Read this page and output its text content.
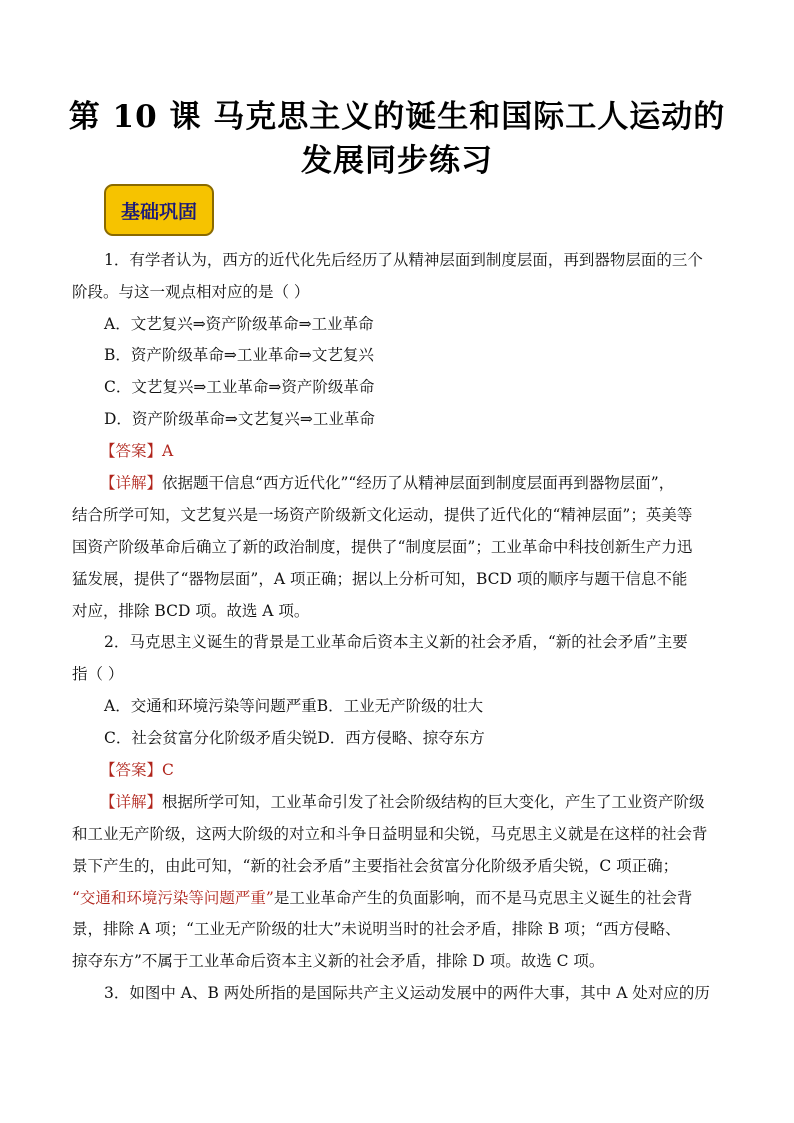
第 10 课 马克思主义的诞生和国际工人运动的
发展同步练习
基础巩固
1．有学者认为，西方的近代化先后经历了从精神层面到制度层面，再到器物层面的三个
阶段。与这一观点相对应的是（ ）
A．文艺复兴⇒资产阶级革命⇒工业革命
B．资产阶级革命⇒工业革命⇒文艺复兴
C．文艺复兴⇒工业革命⇒资产阶级革命
D．资产阶级革命⇒文艺复兴⇒工业革命
【答案】A
【详解】依据题干信息“西方近代化”“经历了从精神层面到制度层面再到器物层面”，
结合所学可知，文艺复兴是一场资产阶级新文化运动，提供了近代化的“精神层面”；英美等
国资产阶级革命后确立了新的政治制度，提供了“制度层面”；工业革命中科技创新生产力迅
猛发展，提供了“器物层面”，A 项正确；据以上分析可知，BCD 项的顺序与题干信息不能
对应，排除 BCD 项。故选 A 项。
2．马克思主义诞生的背景是工业革命后资本主义新的社会矛盾，“新的社会矛盾”主要
指（ ）
A．交通和环境污染等问题严重B．工业无产阶级的壮大
C．社会贫富分化阶级矛盾尖锐D．西方侵略、掠夺东方
【答案】C
【详解】根据所学可知，工业革命引发了社会阶级结构的巨大变化，产生了工业资产阶级
和工业无产阶级，这两大阶级的对立和斗争日益明显和尖锐，马克思主义就是在这样的社会背
景下产生的，由此可知，“新的社会矛盾”主要指社会贫富分化阶级矛盾尖锐，C 项正确；
“交通和环境污染等问题严重”是工业革命产生的负面影响，而不是马克思主义诞生的社会背
景，排除 A 项；“工业无产阶级的壮大”未说明当时的社会矛盾，排除 B 项；“西方侵略、
掠夺东方”不属于工业革命后资本主义新的社会矛盾，排除 D 项。故选 C 项。
3．如图中 A、B 两处所指的是国际共产主义运动发展中的两件大事，其中 A 处对应的历
